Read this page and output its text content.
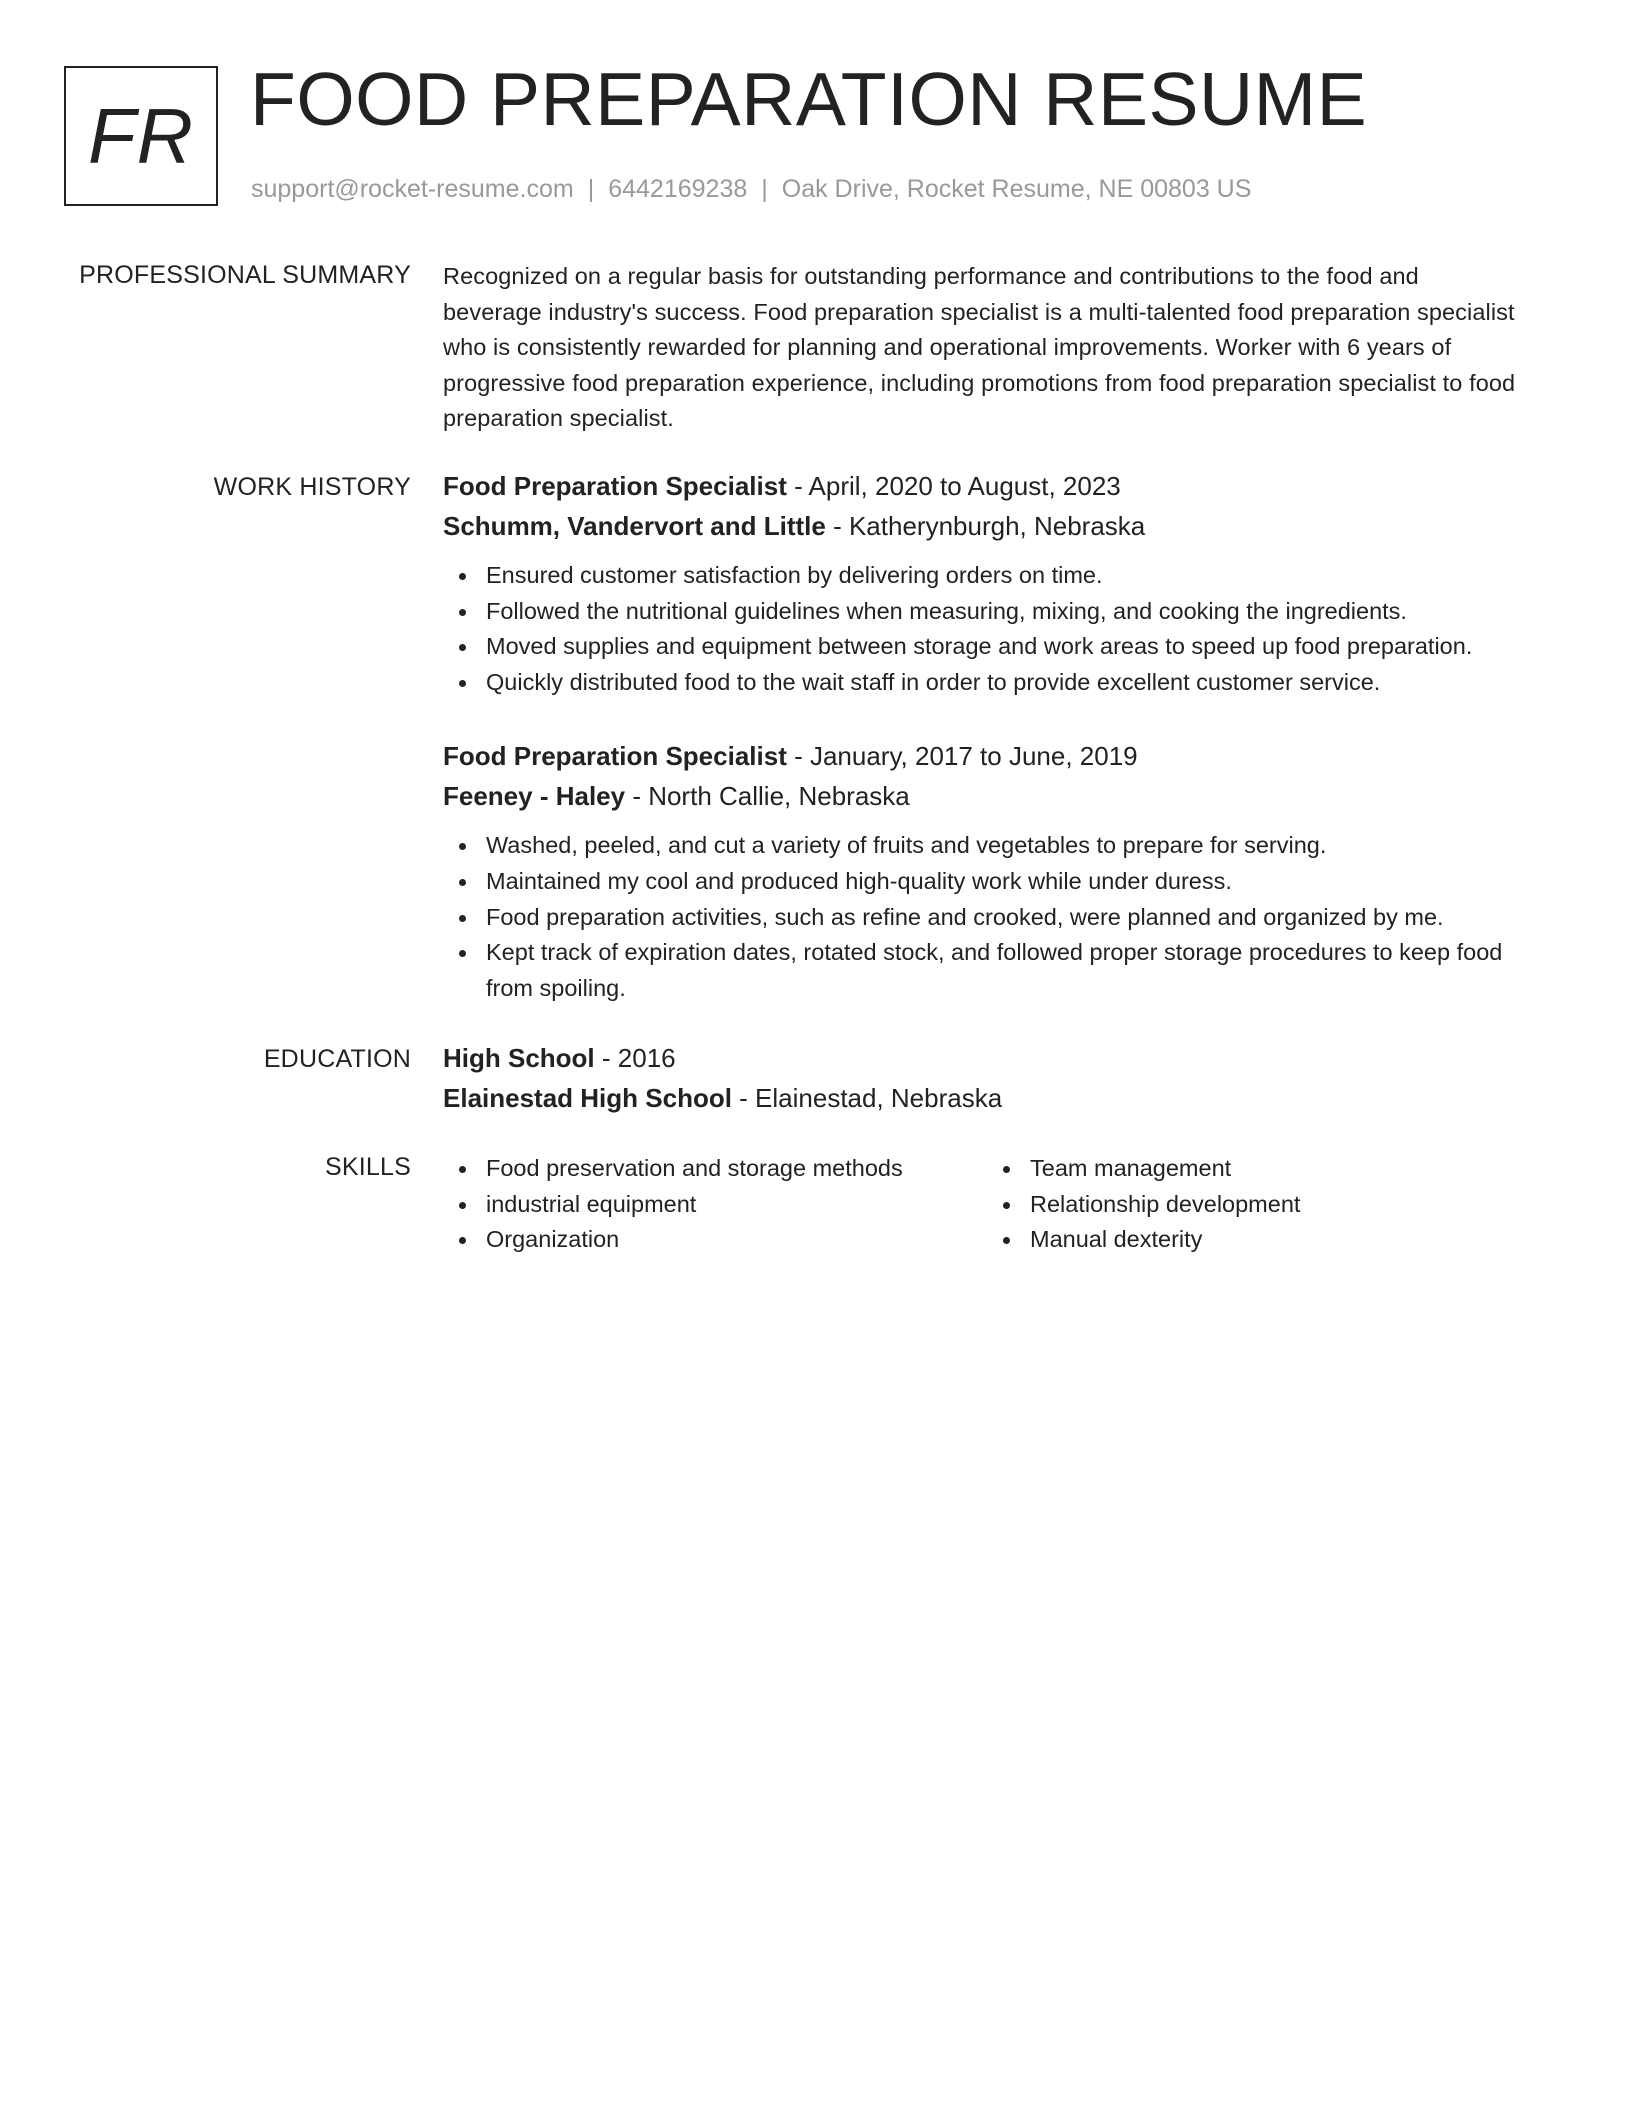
FR FOOD PREPARATION RESUME
support@rocket-resume.com | 6442169238 | Oak Drive, Rocket Resume, NE 00803 US
PROFESSIONAL SUMMARY Recognized on a regular basis for outstanding performance and contributions to the food and beverage industry's success. Food preparation specialist is a multi-talented food preparation specialist who is consistently rewarded for planning and operational improvements. Worker with 6 years of progressive food preparation experience, including promotions from food preparation specialist to food preparation specialist.

WORK HISTORY Food Preparation Specialist - April, 2020 to August, 2023
Schumm, Vandervort and Little - Katherynburgh, Nebraska
Ensured customer satisfaction by delivering orders on time.
Followed the nutritional guidelines when measuring, mixing, and cooking the ingredients.
Moved supplies and equipment between storage and work areas to speed up food preparation.
Quickly distributed food to the wait staff in order to provide excellent customer service.
Food Preparation Specialist - January, 2017 to June, 2019
Feeney - Haley - North Callie, Nebraska
Washed, peeled, and cut a variety of fruits and vegetables to prepare for serving.
Maintained my cool and produced high-quality work while under duress.
Food preparation activities, such as refine and crooked, were planned and organized by me.
Kept track of expiration dates, rotated stock, and followed proper storage procedures to keep food from spoiling.
EDUCATION High School - 2016
Elainestad High School - Elainestad, Nebraska
SKILLS	Food preservation and storage methods
industrial equipment
Organization
Team management
Relationship development
Manual dexterity
